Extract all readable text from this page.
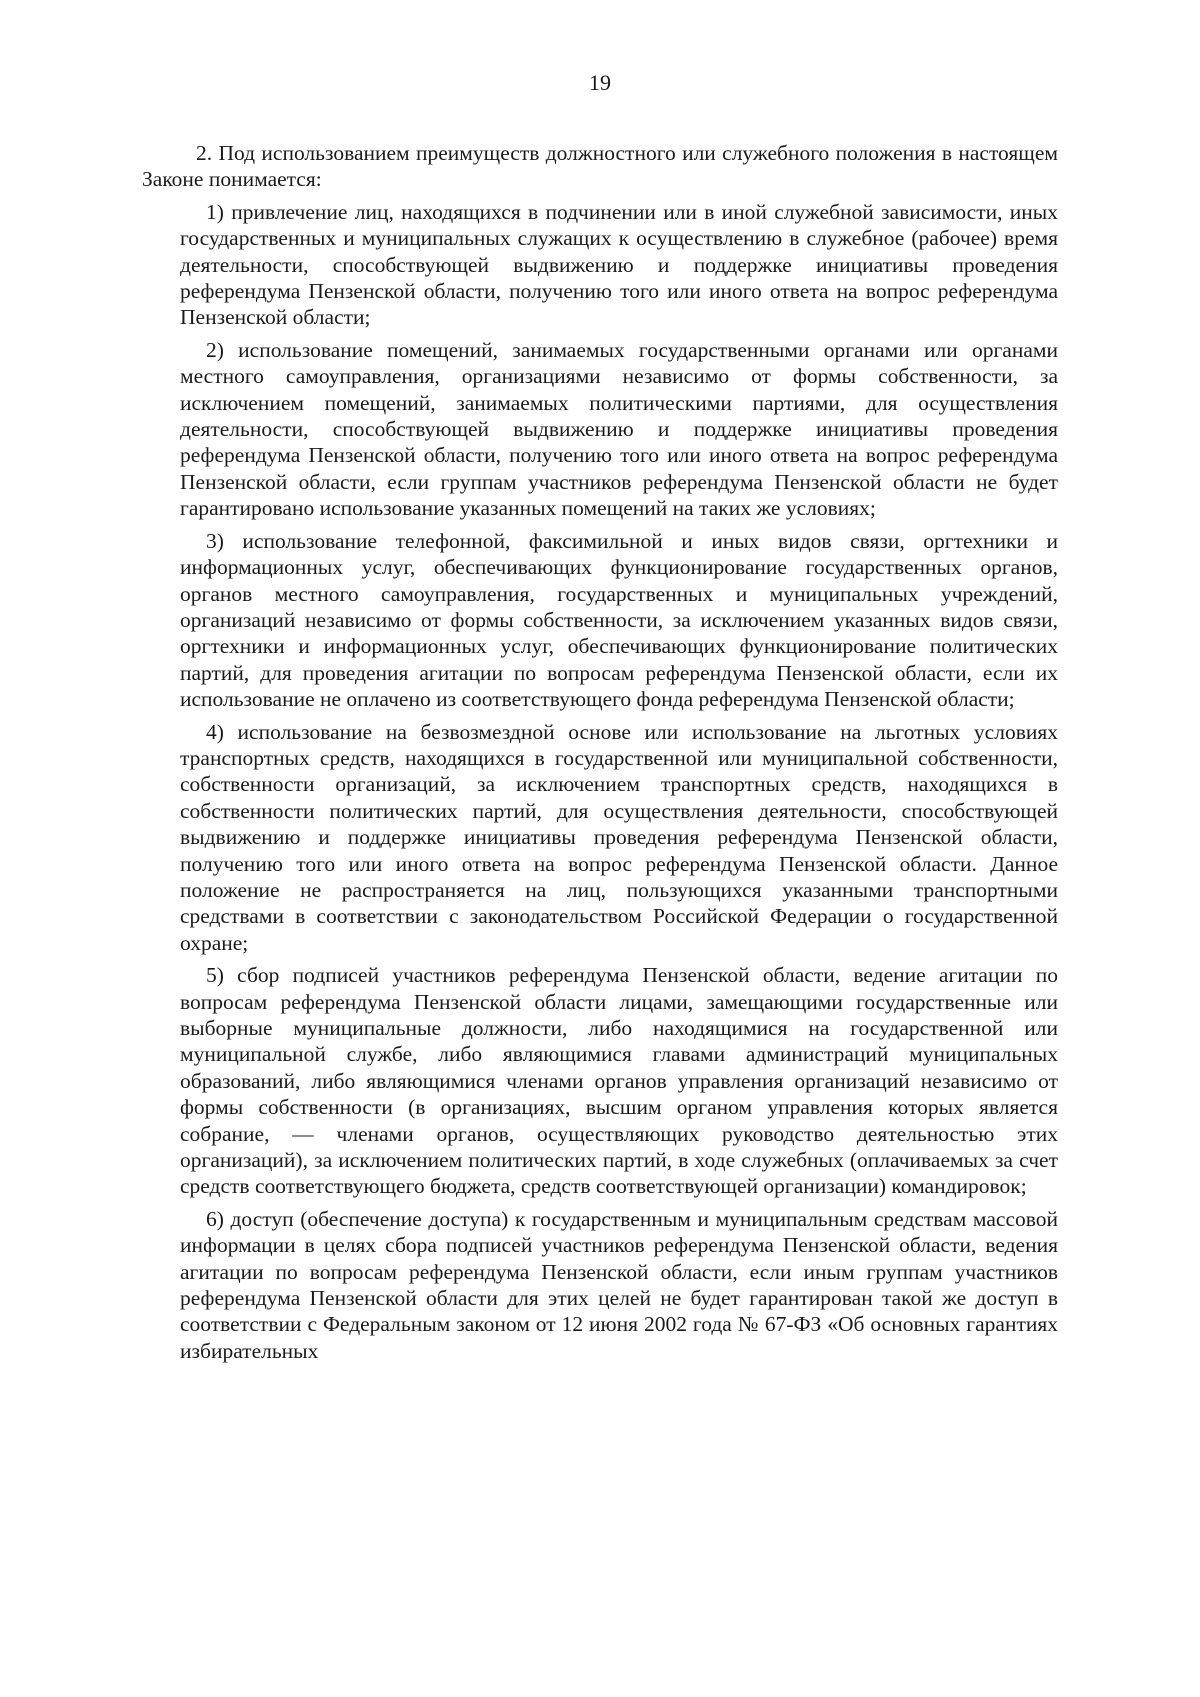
19

2. Под использованием преимуществ должностного или служебного положения в настоящем Законе понимается:

1) привлечение лиц, находящихся в подчинении или в иной служебной зависимости, иных государственных и муниципальных служащих к осуществлению в служебное (рабочее) время деятельности, способствующей выдвижению и поддержке инициативы проведения референдума Пензенской области, получению того или иного ответа на вопрос референдума Пензенской области;
2) использование помещений, занимаемых государственными органами или органами местного самоуправления, организациями независимо от формы собственности, за исключением помещений, занимаемых политическими партиями, для осуществления деятельности, способствующей выдвижению и поддержке инициативы проведения референдума Пензенской области, получению того или иного ответа на вопрос референдума Пензенской области, если группам участников референдума Пензенской области не будет гарантировано использование указанных помещений на таких же условиях;
3) использование телефонной, факсимильной и иных видов связи, оргтехники и информационных услуг, обеспечивающих функционирование государственных органов, органов местного самоуправления, государственных и муниципальных учреждений, организаций независимо от формы собственности, за исключением указанных видов связи, оргтехники и информационных услуг, обеспечивающих функционирование политических партий, для проведения агитации по вопросам референдума Пензенской области, если их использование не оплачено из соответствующего фонда референдума Пензенской области;
4) использование на безвозмездной основе или использование на льготных условиях транспортных средств, находящихся в государственной или муниципальной собственности, собственности организаций, за исключением транспортных средств, находящихся в собственности политических партий, для осуществления деятельности, способствующей выдвижению и поддержке инициативы проведения референдума Пензенской области, получению того или иного ответа на вопрос референдума Пензенской области. Данное положение не распространяется на лиц, пользующихся указанными транспортными средствами в соответствии с законодательством Российской Федерации о государственной охране;
5) сбор подписей участников референдума Пензенской области, ведение агитации по вопросам референдума Пензенской области лицами, замещающими государственные или выборные муниципальные должности, либо находящимися на государственной или муниципальной службе, либо являющимися главами администраций муниципальных образований, либо являющимися членами органов управления организаций независимо от формы собственности (в организациях, высшим органом управления которых является собрание, — членами органов, осуществляющих руководство деятельностью этих организаций), за исключением политических партий, в ходе служебных (оплачиваемых за счет средств соответствующего бюджета, средств соответствующей организации) командировок;
6) доступ (обеспечение доступа) к государственным и муниципальным средствам массовой информации в целях сбора подписей участников референдума Пензенской области, ведения агитации по вопросам референдума Пензенской области, если иным группам участников референдума Пензенской области для этих целей не будет гарантирован такой же доступ в соответствии с Федеральным законом от 12 июня 2002 года № 67-ФЗ «Об основных гарантиях избирательных
